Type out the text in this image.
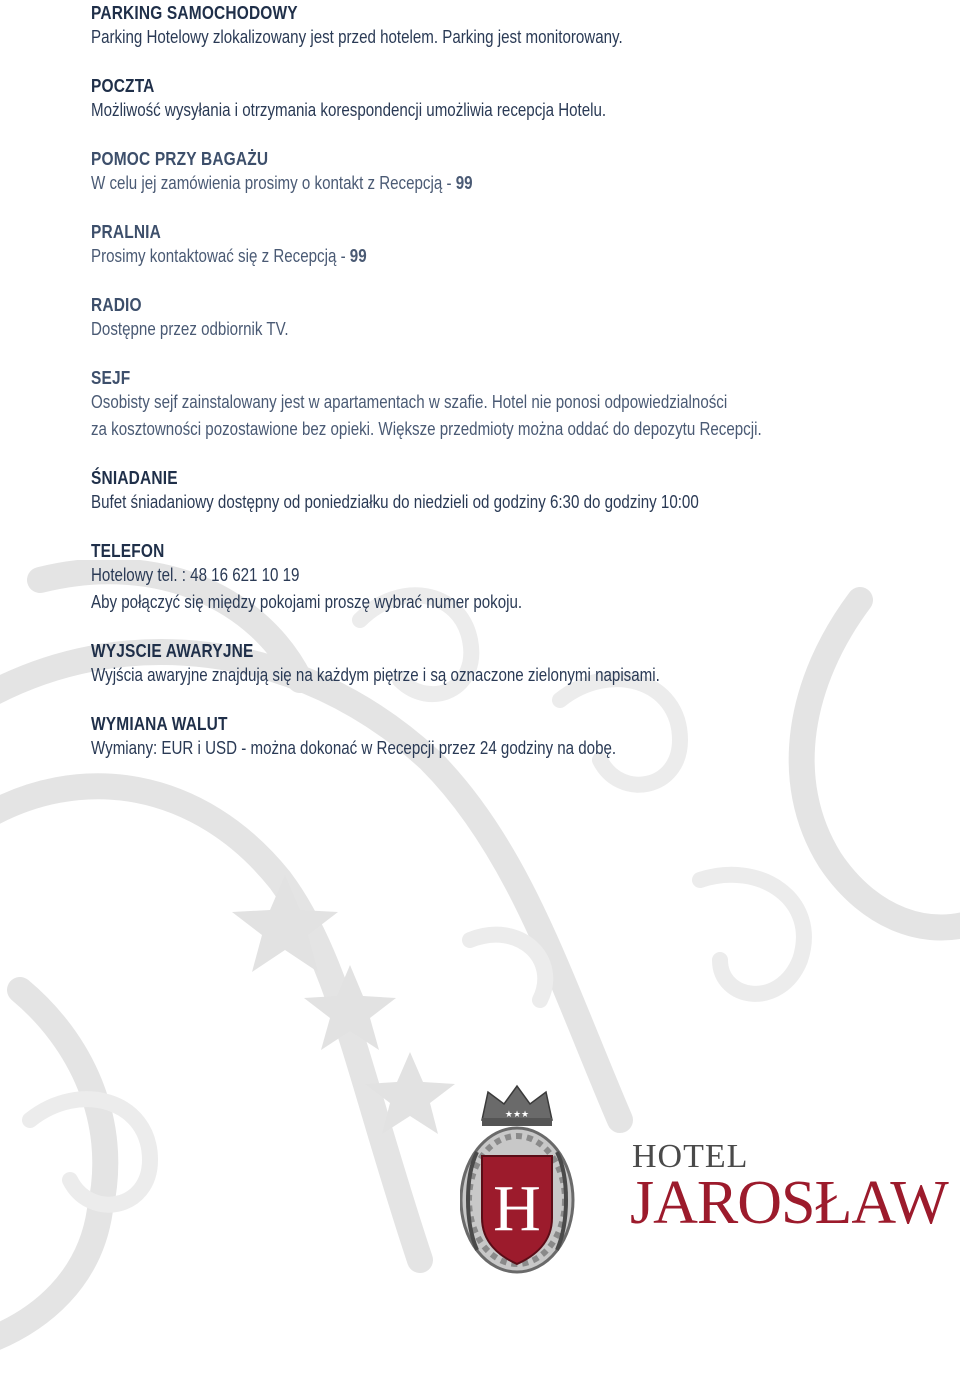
PARKING SAMOCHODOWY
Parking Hotelowy zlokalizowany jest przed hotelem. Parking jest monitorowany.
POCZTA
Możliwość wysyłania i otrzymania korespondencji umożliwia recepcja Hotelu.
POMOC PRZY BAGAŻU
W celu jej zamówienia prosimy o kontakt z Recepcją - 99
PRALNIA
Prosimy kontaktować się z Recepcją - 99
RADIO
Dostępne przez odbiornik TV.
SEJF
Osobisty sejf zainstalowany jest w apartamentach w szafie. Hotel nie ponosi odpowiedzialności
za kosztowności pozostawione bez opieki. Większe przedmioty można oddać do depozytu Recepcji.
ŚNIADANIE
Bufet śniadaniowy dostępny od poniedziałku do niedzieli od godziny 6:30 do godziny 10:00
TELEFON
Hotelowy tel. : 48 16 621 10 19
Aby połączyć się między pokojami proszę wybrać numer pokoju.
WYJSCIE AWARYJNE
Wyjścia awaryjne znajdują się na każdym piętrze i są oznaczone zielonymi napisami.
WYMIANA WALUT
Wymiany: EUR i USD - można dokonać w Recepcji przez 24 godziny na dobę.
★★★
H
HOTEL
JAROSŁAW
